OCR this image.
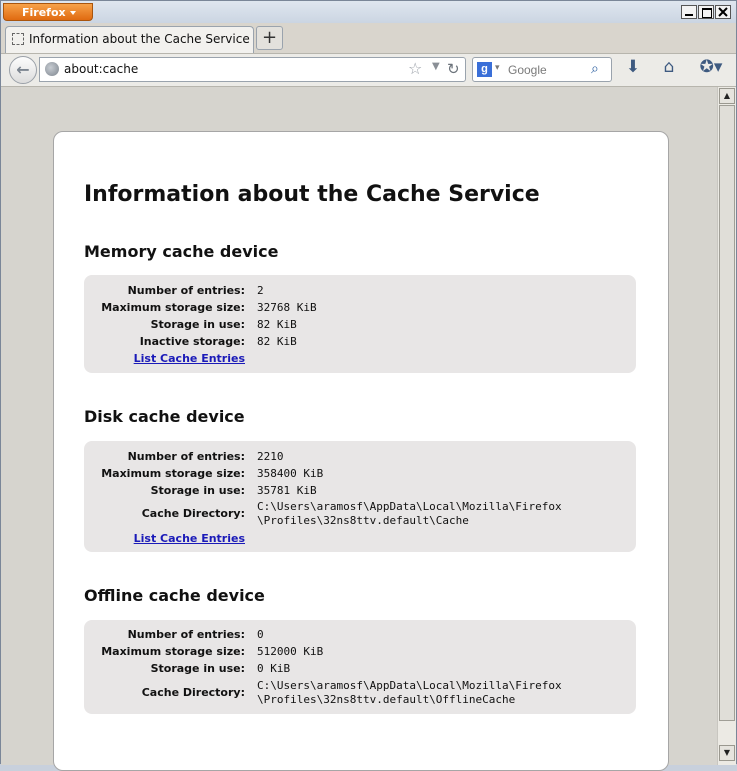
Firefox
Information about the Cache Service +
←	about:cache	☆ ▼ ↻	g ▾ Google	⌕	⬇	⌂	✪▾
Information about the Cache Service
Memory cache device
Number of entries: 2
Maximum storage size: 32768 KiB
Storage in use: 82 KiB
Inactive storage: 82 KiB
List Cache Entries
Disk cache device
Number of entries: 2210
Maximum storage size: 358400 KiB
Storage in use: 35781 KiB
Cache Directory:
C:\Users\aramosf\AppData\Local\Mozilla\Firefox
\Profiles\32ns8ttv.default\Cache
List Cache Entries
Offline cache device
Number of entries: 0
Maximum storage size: 512000 KiB
Storage in use: 0 KiB
Cache Directory:
C:\Users\aramosf\AppData\Local\Mozilla\Firefox
\Profiles\32ns8ttv.default\OfflineCache
▲
▼
